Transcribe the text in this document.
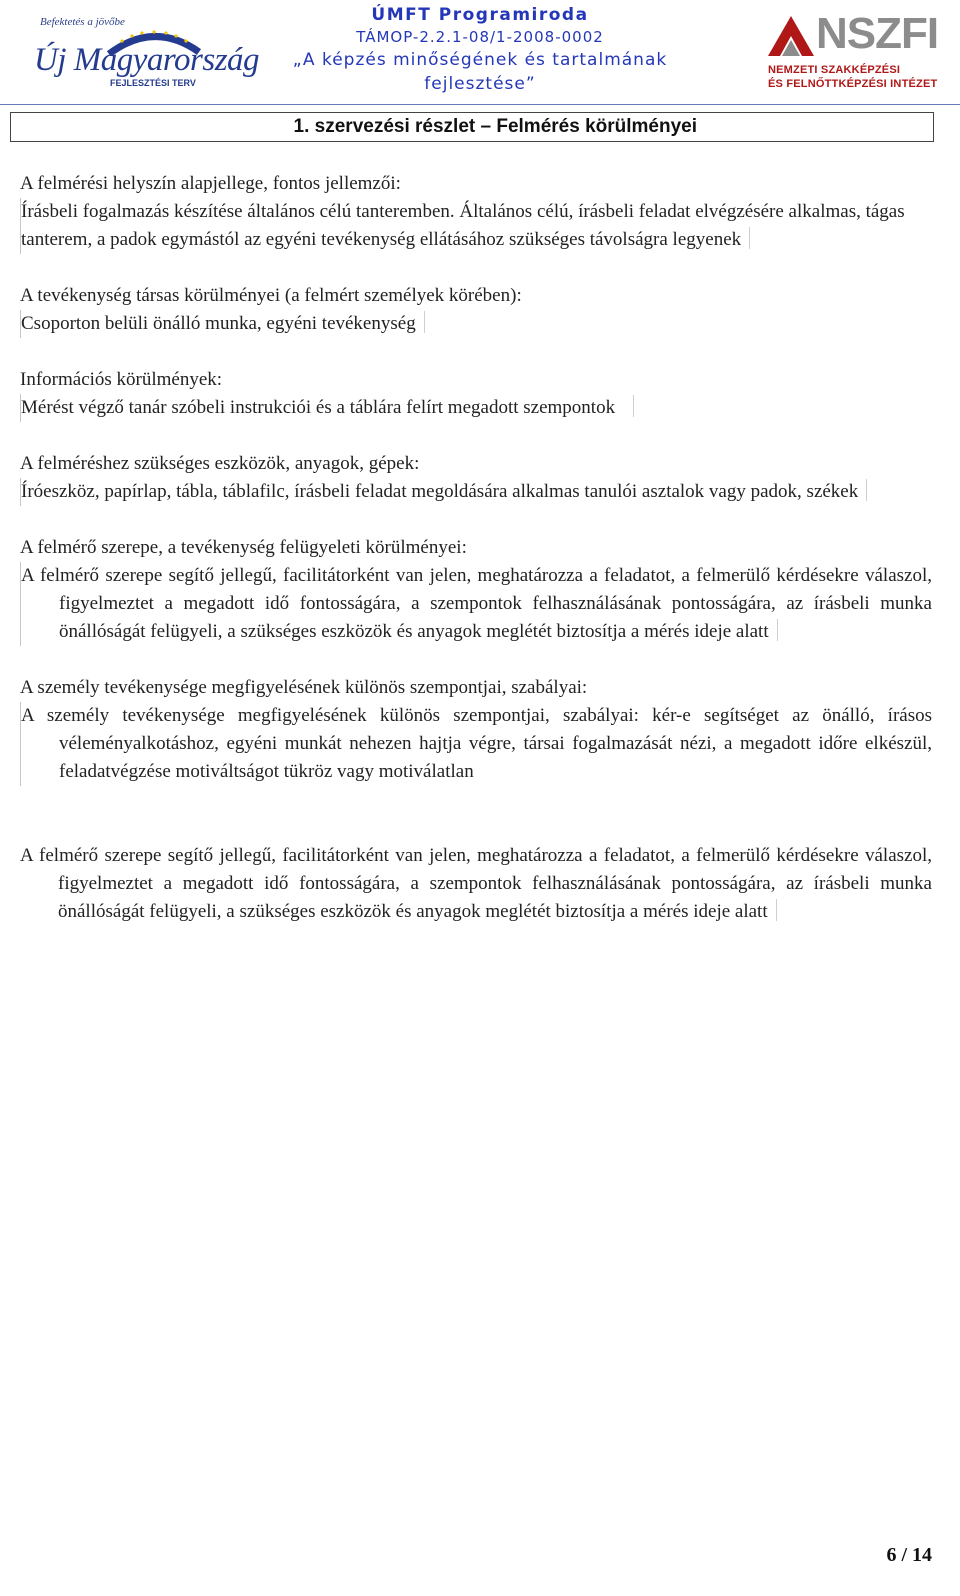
Befektetés a jövőbe
Új Magyarország
FEJLESZTÉSI TERV
ÚMFT Programiroda
TÁMOP-2.2.1-08/1-2008-0002
„A képzés minőségének és tartalmának
fejlesztése”
NSZFI
NEMZETI SZAKKÉPZÉSI
ÉS FELNŐTTKÉPZÉSI INTÉZET
1. szervezési részlet – Felmérés körülményei

A felmérési helyszín alapjellege, fontos jellemzői:

Írásbeli fogalmazás készítése általános célú tanteremben. Általános célú, írásbeli feladat elvégzésére alkalmas, tágas tanterem, a padok egymástól az egyéni tevékenység ellátásához szükséges távolságra legyenek

A tevékenység társas körülményei (a felmért személyek körében):

Csoporton belüli önálló munka, egyéni tevékenység

Információs körülmények:

Mérést végző tanár szóbeli instrukciói és a táblára felírt megadott szempontok

A felméréshez szükséges eszközök, anyagok, gépek:

Íróeszköz, papírlap, tábla, táblafilc, írásbeli feladat megoldására alkalmas tanulói asztalok vagy padok, székek

A felmérő szerepe, a tevékenység felügyeleti körülményei:

A felmérő szerepe segítő jellegű, facilitátorként van jelen, meghatározza a feladatot, a felmerülő kérdésekre válaszol, figyelmeztet a megadott idő fontosságára, a szempontok felhasználásának pontosságára, az írásbeli munka önállóságát felügyeli, a szükséges eszközök és anyagok meglétét biztosítja a mérés ideje alatt

A személy tevékenysége megfigyelésének különös szempontjai, szabályai:

A személy tevékenysége megfigyelésének különös szempontjai, szabályai: kér-e segítséget az önálló, írásos véleményalkotáshoz, egyéni munkát nehezen hajtja végre, társai fogalmazását nézi, a megadott időre elkészül, feladatvégzése motiváltságot tükröz vagy motiválatlan

A felmérő szerepe segítő jellegű, facilitátorként van jelen, meghatározza a feladatot, a felmerülő kérdésekre válaszol, figyelmeztet a megadott idő fontosságára, a szempontok felhasználásának pontosságára, az írásbeli munka önállóságát felügyeli, a szükséges eszközök és anyagok meglétét biztosítja a mérés ideje alatt

6 / 14
